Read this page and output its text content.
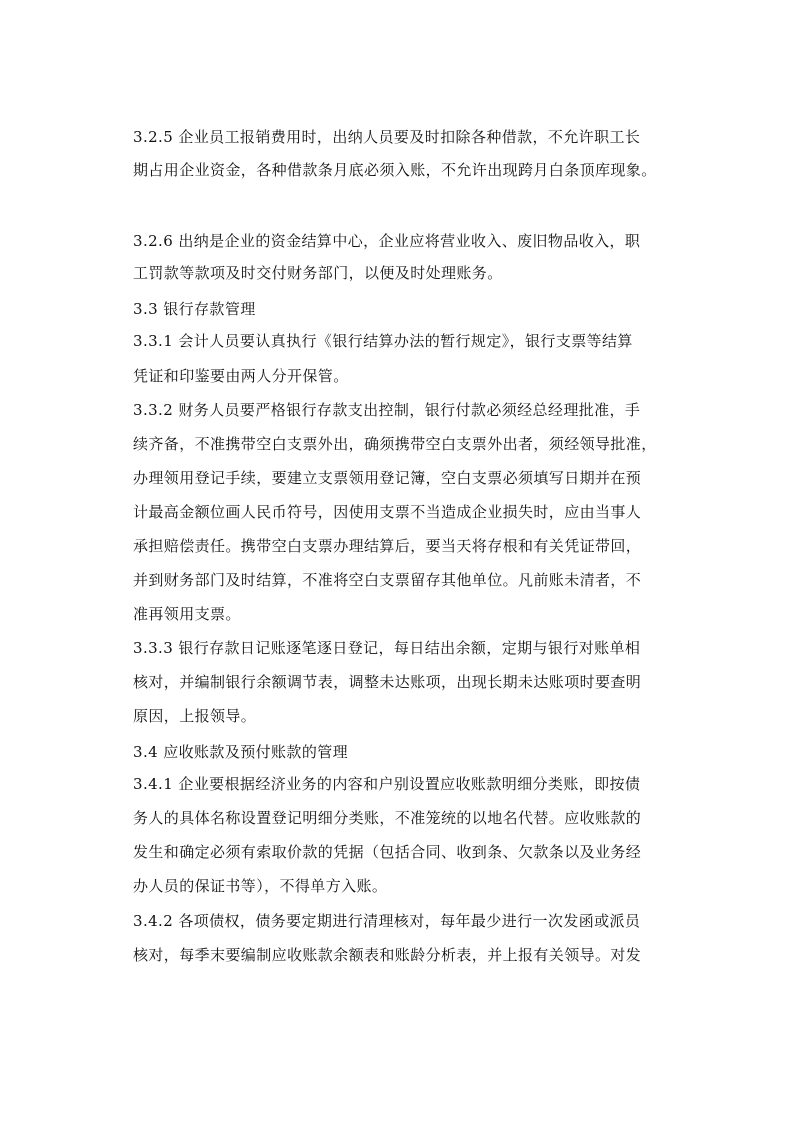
3.2.5 企业员工报销费用时，出纳人员要及时扣除各种借款，不允许职工长
期占用企业资金，各种借款条月底必须入账，不允许出现跨月白条顶库现象。
3.2.6 出纳是企业的资金结算中心，企业应将营业收入、废旧物品收入，职
工罚款等款项及时交付财务部门，以便及时处理账务。
3.3 银行存款管理
3.3.1 会计人员要认真执行《银行结算办法的暂行规定》，银行支票等结算
凭证和印鉴要由两人分开保管。
3.3.2 财务人员要严格银行存款支出控制，银行付款必须经总经理批准，手
续齐备，不准携带空白支票外出，确须携带空白支票外出者，须经领导批准，
办理领用登记手续，要建立支票领用登记簿，空白支票必须填写日期并在预
计最高金额位画人民币符号，因使用支票不当造成企业损失时，应由当事人
承担赔偿责任。携带空白支票办理结算后，要当天将存根和有关凭证带回，
并到财务部门及时结算，不准将空白支票留存其他单位。凡前账未清者，不
准再领用支票。
3.3.3 银行存款日记账逐笔逐日登记，每日结出余额，定期与银行对账单相
核对，并编制银行余额调节表，调整未达账项，出现长期未达账项时要查明
原因，上报领导。
3.4 应收账款及预付账款的管理
3.4.1 企业要根据经济业务的内容和户别设置应收账款明细分类账，即按债
务人的具体名称设置登记明细分类账，不准笼统的以地名代替。应收账款的
发生和确定必须有索取价款的凭据（包括合同、收到条、欠款条以及业务经
办人员的保证书等），不得单方入账。
3.4.2 各项债权，债务要定期进行清理核对，每年最少进行一次发函或派员
核对，每季末要编制应收账款余额表和账龄分析表，并上报有关领导。对发
